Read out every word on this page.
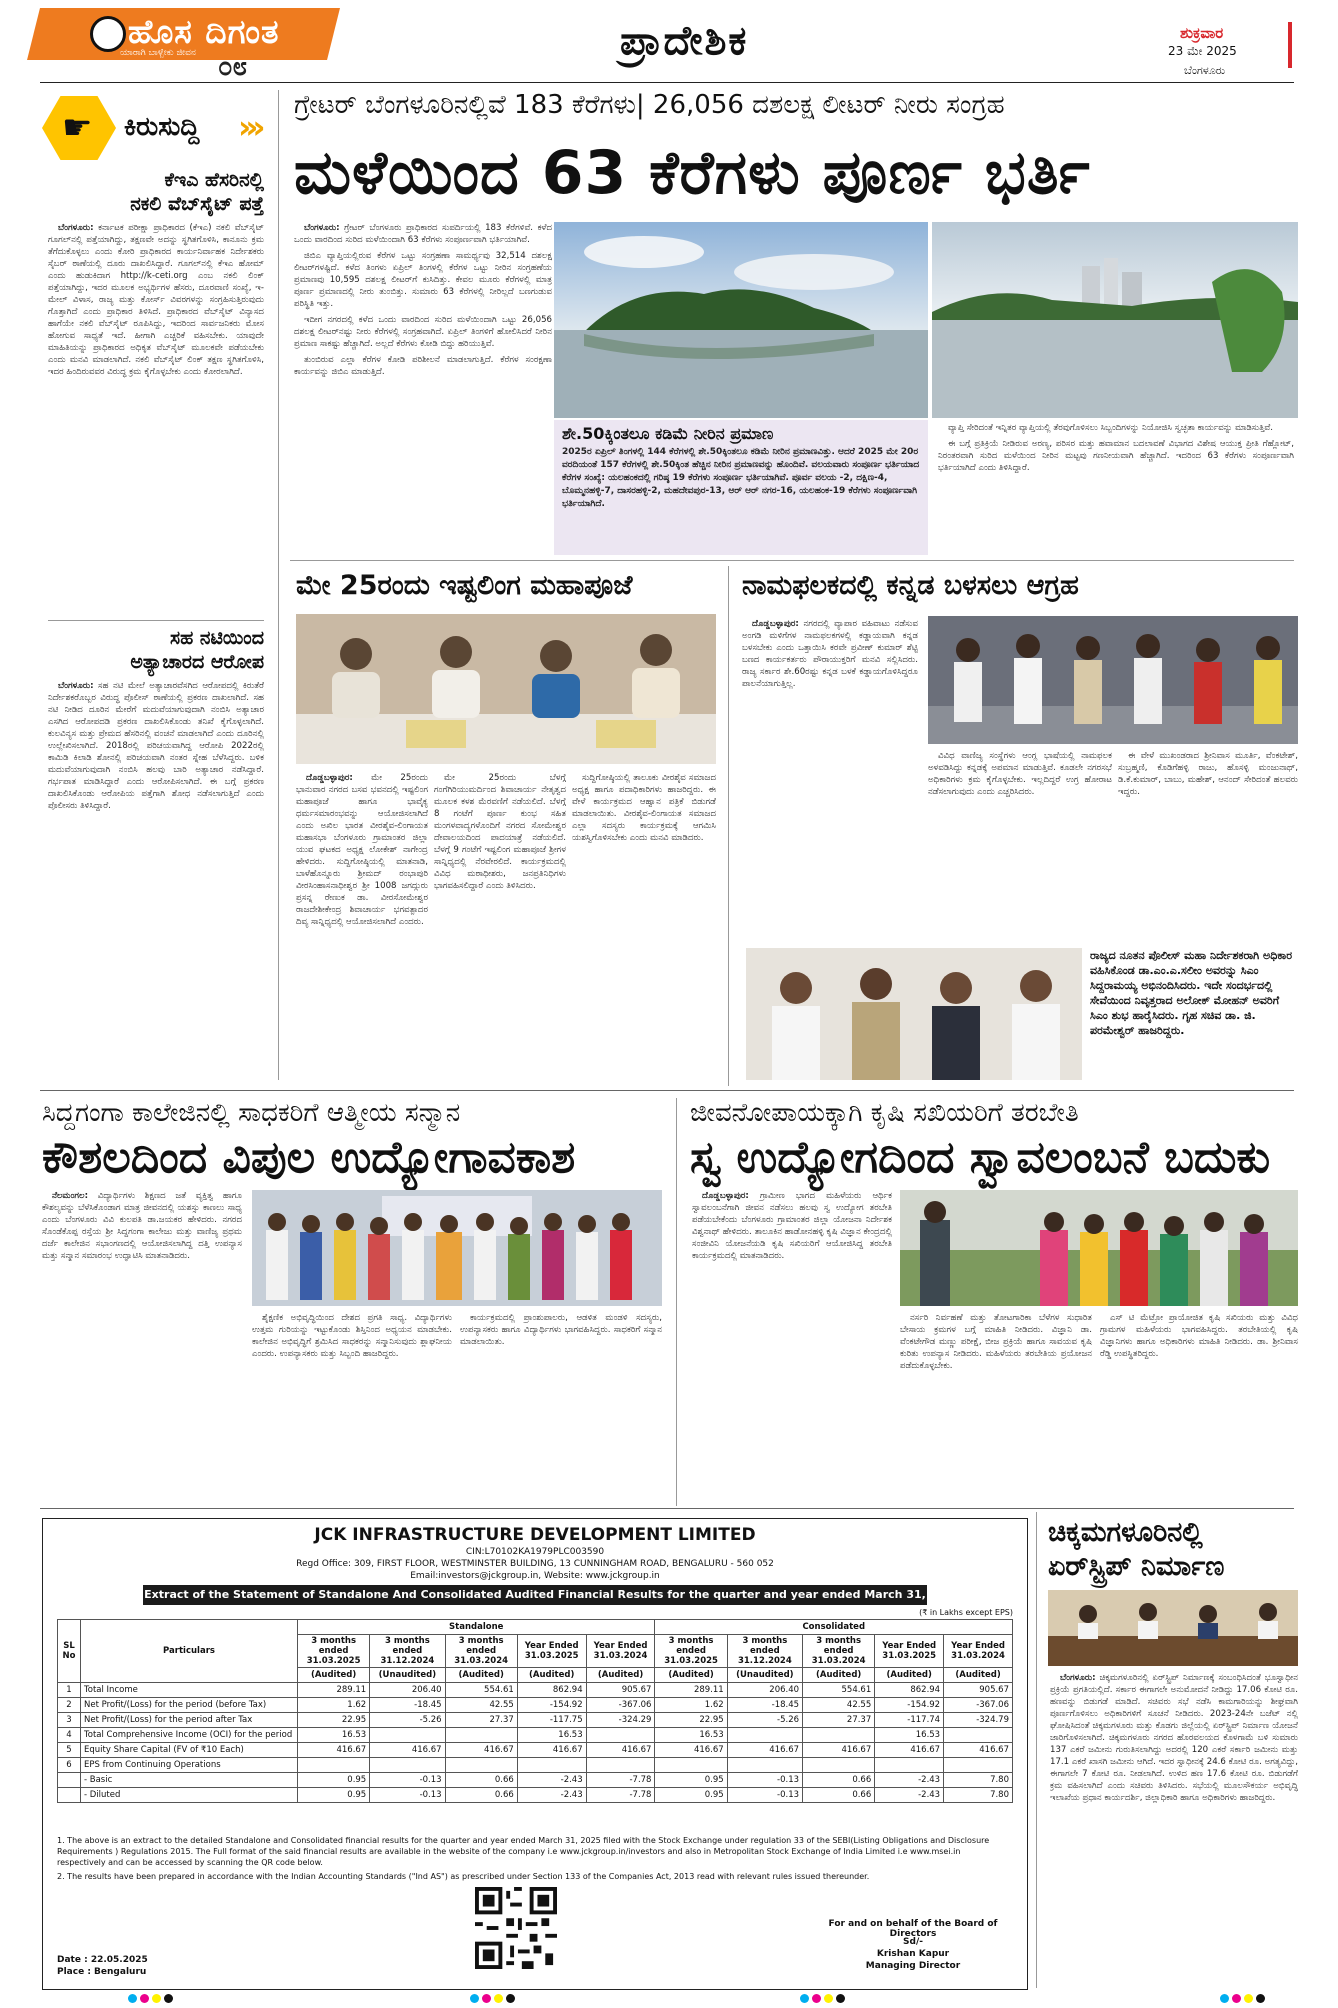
ಹೊಸ ದಿಗಂತ
ಯಾರಾಗಿ ಬಾಳ್ಬೇಕು ಜೀವನ ೦೮
ಪ್ರಾದೇಶಿಕ	ಶುಕ್ರವಾರ
23 ಮೇ 2025
ಬೆಂಗಳೂರು
☛ ಕಿರುಸುದ್ದಿ ›››
ಕೆಇಎ ಹೆಸರಿನಲ್ಲಿ
ನಕಲಿ ವೆಬ್‌ಸೈಟ್ ಪತ್ತೆ

ಬೆಂಗಳೂರು: ಕರ್ನಾಟಕ ಪರೀಕ್ಷಾ ಪ್ರಾಧಿಕಾರದ (ಕೆಇಎ) ನಕಲಿ ವೆಬ್‌ಸೈಟ್ ಗೂಗಲ್‌ನಲ್ಲಿ ಪತ್ತೆಯಾಗಿದ್ದು, ತಕ್ಷಣವೇ ಅದನ್ನು ಸ್ಥಗಿತಗೊಳಿಸಿ, ಕಾನೂನು ಕ್ರಮ ತೆಗೆದುಕೊಳ್ಳಲು ಎಂದು ಕೋರಿ ಪ್ರಾಧಿಕಾರದ ಕಾರ್ಯನಿರ್ವಾಹಕ ನಿರ್ದೇಶಕರು ಸೈಬರ್ ಠಾಣೆಯಲ್ಲಿ ದೂರು ದಾಖಲಿಸಿದ್ದಾರೆ. ಗೂಗಲ್‌ನಲ್ಲಿ ಕೆಇಎ ಹೋಮ್ ಎಂದು ಹುಡುಕಿದಾಗ http://k-ceti.org ಎಂಬ ನಕಲಿ ಲಿಂಕ್ ಪತ್ತೆಯಾಗಿದ್ದು, ಇದರ ಮೂಲಕ ಅಭ್ಯರ್ಥಿಗಳ ಹೆಸರು, ದೂರವಾಣಿ ಸಂಖ್ಯೆ, ಇ-ಮೇಲ್ ವಿಳಾಸ, ರಾಜ್ಯ ಮತ್ತು ಕೋರ್ಸ್ ವಿವರಗಳನ್ನು ಸಂಗ್ರಹಿಸುತ್ತಿರುವುದು ಗೊತ್ತಾಗಿದೆ ಎಂದು ಪ್ರಾಧಿಕಾರ ತಿಳಿಸಿದೆ. ಪ್ರಾಧಿಕಾರದ ವೆಬ್‌ಸೈಟ್ ವಿನ್ಯಾಸದ ಹಾಗೆಯೇ ನಕಲಿ ವೆಬ್‌ಸೈಟ್ ರೂಪಿಸಿದ್ದು, ಇದರಿಂದ ಸಾರ್ವಜನಿಕರು ಮೋಸ ಹೋಗುವ ಸಾಧ್ಯತೆ ಇದೆ. ಹೀಗಾಗಿ ಎಚ್ಚರಿಕೆ ವಹಿಸಬೇಕು. ಯಾವುದೇ ಮಾಹಿತಿಯನ್ನು ಪ್ರಾಧಿಕಾರದ ಅಧಿಕೃತ ವೆಬ್‌ಸೈಟ್ ಮೂಲಕವೇ ಪಡೆಯಬೇಕು ಎಂದು ಮನವಿ ಮಾಡಲಾಗಿದೆ. ನಕಲಿ ವೆಬ್‌ಸೈಟ್ ಲಿಂಕ್ ತಕ್ಷಣ ಸ್ಥಗಿತಗೊಳಿಸಿ, ಇದರ ಹಿಂದಿರುವವರ ವಿರುದ್ಧ ಕ್ರಮ ಕೈಗೊಳ್ಳಬೇಕು ಎಂದು ಕೋರಲಾಗಿದೆ.

ಸಹ ನಟಿಯಿಂದ
ಅತ್ಯಾಚಾರದ ಆರೋಪ

ಬೆಂಗಳೂರು: ಸಹ ನಟಿ ಮೇಲೆ ಅತ್ಯಾಚಾರವೆಸಗಿದ ಆರೋಪದಲ್ಲಿ ಕಿರುತೆರೆ ನಿರ್ದೇಶಕರೊಬ್ಬರ ವಿರುದ್ಧ ಪೊಲೀಸ್ ಠಾಣೆಯಲ್ಲಿ ಪ್ರಕರಣ ದಾಖಲಾಗಿದೆ. ಸಹ ನಟಿ ನೀಡಿದ ದೂರಿನ ಮೇರೆಗೆ ಮದುವೆಯಾಗುವುದಾಗಿ ನಂಬಿಸಿ ಅತ್ಯಾಚಾರ ಎಸಗಿದ ಆರೋಪದಡಿ ಪ್ರಕರಣ ದಾಖಲಿಸಿಕೊಂಡು ತನಿಖೆ ಕೈಗೊಳ್ಳಲಾಗಿದೆ. ಕುಲವಿನ್ಯಸ ಮತ್ತು ಪ್ರೇಮದ ಹೆಸರಿನಲ್ಲಿ ವಂಚನೆ ಮಾಡಲಾಗಿದೆ ಎಂದು ದೂರಿನಲ್ಲಿ ಉಲ್ಲೇಖಿಸಲಾಗಿದೆ. 2018ರಲ್ಲಿ ಪರಿಚಯವಾಗಿದ್ದ ಆರೋಪಿ 2022ರಲ್ಲಿ ಕಾಮಿಡಿ ಕಿಲಾಡಿ ಶೋನಲ್ಲಿ ಪರಿಚಯವಾಗಿ ನಂತರ ಸ್ನೇಹ ಬೆಳೆಸಿದ್ದರು. ಬಳಿಕ ಮದುವೆಯಾಗುವುದಾಗಿ ನಂಬಿಸಿ ಹಲವು ಬಾರಿ ಅತ್ಯಾಚಾರ ನಡೆಸಿದ್ದಾರೆ. ಗರ್ಭಪಾತ ಮಾಡಿಸಿದ್ದಾರೆ ಎಂದು ಆರೋಪಿಸಲಾಗಿದೆ. ಈ ಬಗ್ಗೆ ಪ್ರಕರಣ ದಾಖಲಿಸಿಕೊಂಡು ಆರೋಪಿಯ ಪತ್ತೆಗಾಗಿ ಶೋಧ ನಡೆಸಲಾಗುತ್ತಿದೆ ಎಂದು ಪೊಲೀಸರು ತಿಳಿಸಿದ್ದಾರೆ.

ಗ್ರೇಟರ್ ಬೆಂಗಳೂರಿನಲ್ಲಿವೆ 183 ಕೆರೆಗಳು| 26,056 ದಶಲಕ್ಷ ಲೀಟರ್ ನೀರು ಸಂಗ್ರಹ
ಮಳೆಯಿಂದ 63 ಕೆರೆಗಳು ಪೂರ್ಣ ಭರ್ತಿ

ಬೆಂಗಳೂರು: ಗ್ರೇಟರ್ ಬೆಂಗಳೂರು ಪ್ರಾಧಿಕಾರದ ಸುಪರ್ದಿಯಲ್ಲಿ 183 ಕೆರೆಗಳಿವೆ. ಕಳೆದ ಒಂದು ವಾರದಿಂದ ಸುರಿದ ಮಳೆಯಿಂದಾಗಿ 63 ಕೆರೆಗಳು ಸಂಪೂರ್ಣವಾಗಿ ಭರ್ತಿಯಾಗಿವೆ.

ಜಿಬಿಎ ವ್ಯಾಪ್ತಿಯಲ್ಲಿರುವ ಕೆರೆಗಳ ಒಟ್ಟು ಸಂಗ್ರಹಣಾ ಸಾಮರ್ಥ್ಯವು 32,514 ದಶಲಕ್ಷ ಲೀಟರ್‌ಗಳಷ್ಟಿದೆ. ಕಳೆದ ತಿಂಗಳು ಏಪ್ರಿಲ್ ತಿಂಗಳಲ್ಲಿ ಕೆರೆಗಳ ಒಟ್ಟು ನೀರಿನ ಸಂಗ್ರಹಣೆಯ ಪ್ರಮಾಣವು 10,595 ದಶಲಕ್ಷ ಲೀಟರ್‌ಗೆ ಕುಸಿದಿತ್ತು. ಕೇವಲ ಮೂರು ಕೆರೆಗಳಲ್ಲಿ ಮಾತ್ರ ಪೂರ್ಣ ಪ್ರಮಾಣದಲ್ಲಿ ನೀರು ತುಂಬಿತ್ತು. ಸುಮಾರು 63 ಕೆರೆಗಳಲ್ಲಿ ನೀರಿಲ್ಲದೆ ಬಣಗುಡುವ ಪರಿಸ್ಥಿತಿ ಇತ್ತು.

ಇದೀಗ ನಗರದಲ್ಲಿ ಕಳೆದ ಒಂದು ವಾರದಿಂದ ಸುರಿದ ಮಳೆಯಿಂದಾಗಿ ಒಟ್ಟು 26,056 ದಶಲಕ್ಷ ಲೀಟರ್‌ನಷ್ಟು ನೀರು ಕೆರೆಗಳಲ್ಲಿ ಸಂಗ್ರಹವಾಗಿದೆ. ಏಪ್ರಿಲ್ ತಿಂಗಳಿಗೆ ಹೋಲಿಸಿದರೆ ನೀರಿನ ಪ್ರಮಾಣ ಸಾಕಷ್ಟು ಹೆಚ್ಚಾಗಿದೆ. ಅಲ್ಲದೆ ಕೆರೆಗಳು ಕೋಡಿ ಬಿದ್ದು ಹರಿಯುತ್ತಿವೆ.

ತುಂಬಿರುವ ಎಲ್ಲಾ ಕೆರೆಗಳ ಕೋಡಿ ಪರಿಶೀಲನೆ ಮಾಡಲಾಗುತ್ತಿದೆ. ಕೆರೆಗಳ ಸಂರಕ್ಷಣಾ ಕಾರ್ಯವನ್ನು ಜಿಬಿಎ ಮಾಡುತ್ತಿದೆ.

ಶೇ.50ಕ್ಕಿಂತಲೂ ಕಡಿಮೆ ನೀರಿನ ಪ್ರಮಾಣ
2025ರ ಏಪ್ರಿಲ್ ತಿಂಗಳಲ್ಲಿ 144 ಕೆರೆಗಳಲ್ಲಿ ಶೇ.50ಕ್ಕಿಂತಲೂ ಕಡಿಮೆ ನೀರಿನ ಪ್ರಮಾಣವಿತ್ತು. ಆದರೆ 2025 ಮೇ 20ರ ವರದಿಯಂತೆ 157 ಕೆರೆಗಳಲ್ಲಿ ಶೇ.50ಕ್ಕಿಂತ ಹೆಚ್ಚಿನ ನೀರಿನ ಪ್ರಮಾಣವನ್ನು ಹೊಂದಿವೆ. ವಲಯವಾರು ಸಂಪೂರ್ಣ ಭರ್ತಿಯಾದ ಕೆರೆಗಳ ಸಂಖ್ಯೆ: ಯಲಹಂಕದಲ್ಲಿ ಗರಿಷ್ಠ 19 ಕೆರೆಗಳು ಸಂಪೂರ್ಣ ಭರ್ತಿಯಾಗಿವೆ. ಪೂರ್ವ ವಲಯ -2, ದಕ್ಷಿಣ-4, ಬೊಮ್ಮನಹಳ್ಳಿ-7, ದಾಸರಹಳ್ಳಿ-2, ಮಹದೇವಪುರ-13, ಆರ್ ಆರ್ ನಗರ-16, ಯಲಹಂಕ-19 ಕೆರೆಗಳು ಸಂಪೂರ್ಣವಾಗಿ ಭರ್ತಿಯಾಗಿದೆ.

ವ್ಯಾಪ್ತಿ ಸೇರಿದಂತೆ ಇನ್ನಿತರ ವ್ಯಾಪ್ತಿಯಲ್ಲಿ ತೆರವುಗೊಳಿಸಲು ಸಿಬ್ಬಂದಿಗಳನ್ನು ನಿಯೋಜಿಸಿ ಸ್ವಚ್ಛತಾ ಕಾರ್ಯವನ್ನು ಮಾಡಿಸುತ್ತಿವೆ.

ಈ ಬಗ್ಗೆ ಪ್ರತಿಕ್ರಿಯೆ ನೀಡಿರುವ ಅರಣ್ಯ, ಪರಿಸರ ಮತ್ತು ಹವಾಮಾನ ಬದಲಾವಣೆ ವಿಭಾಗದ ವಿಶೇಷ ಆಯುಕ್ತ ಪ್ರೀತಿ ಗೆಹ್ಲೋಟ್, ನಿರಂತರವಾಗಿ ಸುರಿದ ಮಳೆಯಿಂದ ನೀರಿನ ಮಟ್ಟವು ಗಣನೀಯವಾಗಿ ಹೆಚ್ಚಾಗಿದೆ. ಇದರಿಂದ 63 ಕೆರೆಗಳು ಸಂಪೂರ್ಣವಾಗಿ ಭರ್ತಿಯಾಗಿದೆ ಎಂದು ತಿಳಿಸಿದ್ದಾರೆ.

ಮೇ 25ರಂದು ಇಷ್ಟಲಿಂಗ ಮಹಾಪೂಜೆ

ದೊಡ್ಡಬಳ್ಳಾಪುರ: ಮೇ 25ರಂದು ಭಾನುವಾರ ನಗರದ ಬಸವ ಭವನದಲ್ಲಿ ಇಷ್ಟಲಿಂಗ ಮಹಾಪೂಜೆ ಹಾಗೂ ಭಾವೈಕ್ಯ ಧರ್ಮಸಮಾರಂಭವನ್ನು ಆಯೋಜಿಸಲಾಗಿದೆ ಎಂದು ಅಖಿಲ ಭಾರತ ವೀರಶೈವ-ಲಿಂಗಾಯತ ಮಹಾಸಭಾ ಬೆಂಗಳೂರು ಗ್ರಾಮಾಂತರ ಜಿಲ್ಲಾ ಯುವ ಘಟಕದ ಅಧ್ಯಕ್ಷ ಲೋಕೇಶ್ ನಾಗೇಂದ್ರ ಹೇಳಿದರು. ಸುದ್ದಿಗೋಷ್ಠಿಯಲ್ಲಿ ಮಾತನಾಡಿ, ಬಾಳೆಹೊನ್ನೂರು ಶ್ರೀಮದ್ ರಂಭಾಪುರಿ ವೀರಸಿಂಹಾಸನಾಧೀಶ್ವರ ಶ್ರೀ 1008 ಜಗದ್ಗುರು ಪ್ರಸನ್ನ ರೇಣುಕ ಡಾ. ವೀರಸೋಮೇಶ್ವರ ರಾಜದೇಶೀಕೇಂದ್ರ ಶಿವಾಚಾರ್ಯ ಭಗವತ್ಪಾದರ ದಿವ್ಯ ಸಾನ್ನಿಧ್ಯದಲ್ಲಿ ಆಯೋಜಿಸಲಾಗಿದೆ ಎಂದರು.

ಮೇ 25ರಂದು ಬೆಳಗ್ಗೆ ಗಂಗೆಗಿರಿಯುಮರ್ದಿಂದ ಶಿವಾಚಾರ್ಯ ನೇತೃತ್ವದ ಮೂಲಕ ಕಳಶ ಮೆರವಣಿಗೆ ನಡೆಯಲಿದೆ. ಬೆಳಗ್ಗೆ 8 ಗಂಟೆಗೆ ಪೂರ್ಣ ಕುಂಭ ಸಹಿತ ಮಂಗಳವಾದ್ಯಗಳೊಂದಿಗೆ ನಗರದ ಸೋಮೇಶ್ವರ ದೇವಾಲಯದಿಂದ ಪಾದಯಾತ್ರೆ ನಡೆಯಲಿದೆ. ಬೆಳಗ್ಗೆ 9 ಗಂಟೆಗೆ ಇಷ್ಟಲಿಂಗ ಮಹಾಪೂಜೆ ಶ್ರೀಗಳ ಸಾನ್ನಿಧ್ಯದಲ್ಲಿ ನೆರವೇರಲಿದೆ. ಕಾರ್ಯಕ್ರಮದಲ್ಲಿ ವಿವಿಧ ಮಠಾಧೀಶರು, ಜನಪ್ರತಿನಿಧಿಗಳು ಭಾಗವಹಿಸಲಿದ್ದಾರೆ ಎಂದು ತಿಳಿಸಿದರು.

ಸುದ್ದಿಗೋಷ್ಠಿಯಲ್ಲಿ ತಾಲೂಕು ವೀರಶೈವ ಸಮಾಜದ ಅಧ್ಯಕ್ಷ ಹಾಗೂ ಪದಾಧಿಕಾರಿಗಳು ಹಾಜರಿದ್ದರು. ಈ ವೇಳೆ ಕಾರ್ಯಕ್ರಮದ ಆಹ್ವಾನ ಪತ್ರಿಕೆ ಬಿಡುಗಡೆ ಮಾಡಲಾಯಿತು. ವೀರಶೈವ-ಲಿಂಗಾಯತ ಸಮಾಜದ ಎಲ್ಲಾ ಸದಸ್ಯರು ಕಾರ್ಯಕ್ರಮಕ್ಕೆ ಆಗಮಿಸಿ ಯಶಸ್ವಿಗೊಳಿಸಬೇಕು ಎಂದು ಮನವಿ ಮಾಡಿದರು.

ನಾಮಫಲಕದಲ್ಲಿ ಕನ್ನಡ ಬಳಸಲು ಆಗ್ರಹ

ದೊಡ್ಡಬಳ್ಳಾಪುರ: ನಗರದಲ್ಲಿ ವ್ಯಾಪಾರ ವಹಿವಾಟು ನಡೆಸುವ ಅಂಗಡಿ ಮಳಿಗೆಗಳ ನಾಮಫಲಕಗಳಲ್ಲಿ ಕಡ್ಡಾಯವಾಗಿ ಕನ್ನಡ ಬಳಸಬೇಕು ಎಂದು ಒತ್ತಾಯಿಸಿ ಕರವೇ ಪ್ರವೀಣ್ ಕುಮಾರ್ ಶೆಟ್ಟಿ ಬಣದ ಕಾರ್ಯಕರ್ತರು ಪೌರಾಯುಕ್ತರಿಗೆ ಮನವಿ ಸಲ್ಲಿಸಿದರು. ರಾಜ್ಯ ಸರ್ಕಾರ ಶೇ.60ರಷ್ಟು ಕನ್ನಡ ಬಳಕೆ ಕಡ್ಡಾಯಗೊಳಿಸಿದ್ದರೂ ಪಾಲನೆಯಾಗುತ್ತಿಲ್ಲ.

ವಿವಿಧ ವಾಣಿಜ್ಯ ಸಂಸ್ಥೆಗಳು ಆಂಗ್ಲ ಭಾಷೆಯಲ್ಲಿ ನಾಮಫಲಕ ಅಳವಡಿಸಿದ್ದು ಕನ್ನಡಕ್ಕೆ ಅಪಮಾನ ಮಾಡುತ್ತಿವೆ. ಕೂಡಲೇ ನಗರಸಭೆ ಅಧಿಕಾರಿಗಳು ಕ್ರಮ ಕೈಗೊಳ್ಳಬೇಕು. ಇಲ್ಲದಿದ್ದರೆ ಉಗ್ರ ಹೋರಾಟ ನಡೆಸಲಾಗುವುದು ಎಂದು ಎಚ್ಚರಿಸಿದರು.

ಈ ವೇಳೆ ಮುಖಂಡರಾದ ಶ್ರೀನಿವಾಸ ಮೂರ್ತಿ, ವೆಂಕಟೇಶ್, ಸುಬ್ರಹ್ಮಣಿ, ಕೊಡಿಗೆಹಳ್ಳಿ ರಾಜು, ಹೊಸಳ್ಳಿ ಮಂಜುನಾಥ್, ಡಿ.ಕೆ.ಕುಮಾರ್, ಬಾಬು, ಮಹೇಶ್, ಆನಂದ್ ಸೇರಿದಂತೆ ಹಲವರು ಇದ್ದರು.

ರಾಜ್ಯದ ನೂತನ ಪೊಲೀಸ್ ಮಹಾ ನಿರ್ದೇಶಕರಾಗಿ ಅಧಿಕಾರ ವಹಿಸಿಕೊಂಡ ಡಾ.ಎಂ.ಎ.ಸಲೀಂ ಅವರನ್ನು ಸಿಎಂ ಸಿದ್ದರಾಮಯ್ಯ ಅಭಿನಂದಿಸಿದರು. ಇದೇ ಸಂದರ್ಭದಲ್ಲಿ ಸೇವೆಯಿಂದ ನಿವೃತ್ತರಾದ ಅಲೋಕ್ ಮೋಹನ್ ಅವರಿಗೆ ಸಿಎಂ ಶುಭ ಹಾರೈಸಿದರು. ಗೃಹ ಸಚಿವ ಡಾ. ಜಿ. ಪರಮೇಶ್ವರ್ ಹಾಜರಿದ್ದರು.
ಸಿದ್ದಗಂಗಾ ಕಾಲೇಜಿನಲ್ಲಿ ಸಾಧಕರಿಗೆ ಆತ್ಮೀಯ ಸನ್ಮಾನ
ಕೌಶಲದಿಂದ ವಿಪುಲ ಉದ್ಯೋಗಾವಕಾಶ

ನೆಲಮಂಗಲ: ವಿದ್ಯಾರ್ಥಿಗಳು ಶಿಕ್ಷಣದ ಜತೆ ವ್ಯಕ್ತಿತ್ವ ಹಾಗೂ ಕೌಶಲ್ಯವನ್ನು ಬೆಳೆಸಿಕೊಂಡಾಗ ಮಾತ್ರ ಜೀವನದಲ್ಲಿ ಯಶಸ್ಸು ಕಾಣಲು ಸಾಧ್ಯ ಎಂದು ಬೆಂಗಳೂರು ವಿವಿ ಕುಲಪತಿ ಡಾ.ಜಯಕರ ಹೇಳಿದರು. ನಗರದ ಸೊಂಡೆಕೊಪ್ಪ ರಸ್ತೆಯ ಶ್ರೀ ಸಿದ್ದಗಂಗಾ ಕಾಲೇಜು ಮತ್ತು ವಾಣಿಜ್ಯ ಪ್ರಥಮ ದರ್ಜೆ ಕಾಲೇಜಿನ ಸಭಾಂಗಣದಲ್ಲಿ ಆಯೋಜಿಸಲಾಗಿದ್ದ ದತ್ತಿ ಉಪನ್ಯಾಸ ಮತ್ತು ಸನ್ಮಾನ ಸಮಾರಂಭ ಉದ್ಘಾಟಿಸಿ ಮಾತನಾಡಿದರು.

ಶೈಕ್ಷಣಿಕ ಅಭಿವೃದ್ಧಿಯಿಂದ ದೇಶದ ಪ್ರಗತಿ ಸಾಧ್ಯ. ವಿದ್ಯಾರ್ಥಿಗಳು ಉತ್ತಮ ಗುರಿಯನ್ನು ಇಟ್ಟುಕೊಂಡು ಶಿಸ್ತಿನಿಂದ ಅಧ್ಯಯನ ಮಾಡಬೇಕು. ಕಾಲೇಜಿನ ಅಭಿವೃದ್ಧಿಗೆ ಶ್ರಮಿಸಿದ ಸಾಧಕರನ್ನು ಸನ್ಮಾನಿಸುವುದು ಶ್ಲಾಘನೀಯ ಎಂದರು. ಉಪನ್ಯಾಸಕರು ಮತ್ತು ಸಿಬ್ಬಂದಿ ಹಾಜರಿದ್ದರು.

ಕಾರ್ಯಕ್ರಮದಲ್ಲಿ ಪ್ರಾಂಶುಪಾಲರು, ಆಡಳಿತ ಮಂಡಳಿ ಸದಸ್ಯರು, ಉಪನ್ಯಾಸಕರು ಹಾಗೂ ವಿದ್ಯಾರ್ಥಿಗಳು ಭಾಗವಹಿಸಿದ್ದರು. ಸಾಧಕರಿಗೆ ಸನ್ಮಾನ ಮಾಡಲಾಯಿತು.

ಜೀವನೋಪಾಯಕ್ಕಾಗಿ ಕೃಷಿ ಸಖಿಯರಿಗೆ ತರಬೇತಿ
ಸ್ವ ಉದ್ಯೋಗದಿಂದ ಸ್ವಾವಲಂಬನೆ ಬದುಕು

ದೊಡ್ಡಬಳ್ಳಾಪುರ: ಗ್ರಾಮೀಣ ಭಾಗದ ಮಹಿಳೆಯರು ಆರ್ಥಿಕ ಸ್ವಾವಲಂಬನೆಗಾಗಿ ಜೀವನ ನಡೆಸಲು ಹಲವು ಸ್ವ ಉದ್ಯೋಗ ತರಬೇತಿ ಪಡೆಯಬೇಕೆಂದು ಬೆಂಗಳೂರು ಗ್ರಾಮಾಂತರ ಜಿಲ್ಲಾ ಯೋಜನಾ ನಿರ್ದೇಶಕ ವಿಶ್ವನಾಥ್ ಹೇಳಿದರು. ತಾಲೂಕಿನ ಹಾಡೋನಹಳ್ಳಿ ಕೃಷಿ ವಿಜ್ಞಾನ ಕೇಂದ್ರದಲ್ಲಿ ಸಂಜೀವಿನಿ ಯೋಜನೆಯಡಿ ಕೃಷಿ ಸಖಿಯರಿಗೆ ಆಯೋಜಿಸಿದ್ದ ತರಬೇತಿ ಕಾರ್ಯಕ್ರಮದಲ್ಲಿ ಮಾತನಾಡಿದರು.

ನರ್ಸರಿ ನಿರ್ವಹಣೆ ಮತ್ತು ತೋಟಗಾರಿಕಾ ಬೆಳೆಗಳ ಸುಧಾರಿತ ಬೇಸಾಯ ಕ್ರಮಗಳ ಬಗ್ಗೆ ಮಾಹಿತಿ ನೀಡಿದರು. ವಿಜ್ಞಾನಿ ಡಾ. ವೆಂಕಟೇಗೌಡ ಮಣ್ಣು ಪರೀಕ್ಷೆ, ಬೀಜ ಪ್ರಕ್ರಿಯೆ ಹಾಗೂ ಸಾವಯವ ಕೃಷಿ ಕುರಿತು ಉಪನ್ಯಾಸ ನೀಡಿದರು. ಮಹಿಳೆಯರು ತರಬೇತಿಯ ಪ್ರಯೋಜನ ಪಡೆದುಕೊಳ್ಳಬೇಕು.

ಎಸ್ ಟಿ ಮೆಟ್ರೋ ಪ್ರಾಯೋಜಿತ ಕೃಷಿ ಸಖಿಯರು ಮತ್ತು ವಿವಿಧ ಗ್ರಾಮಗಳ ಮಹಿಳೆಯರು ಭಾಗವಹಿಸಿದ್ದರು. ತರಬೇತಿಯಲ್ಲಿ ಕೃಷಿ ವಿಜ್ಞಾನಿಗಳು ಹಾಗೂ ಅಧಿಕಾರಿಗಳು ಮಾಹಿತಿ ನೀಡಿದರು. ಡಾ. ಶ್ರೀನಿವಾಸ ರೆಡ್ಡಿ ಉಪಸ್ಥಿತರಿದ್ದರು.

JCK INFRASTRUCTURE DEVELOPMENT LIMITED
CIN:L70102KA1979PLC003590
Regd Office: 309, FIRST FLOOR, WESTMINSTER BUILDING, 13 CUNNINGHAM ROAD, BENGALURU - 560 052
Email:investors@jckgroup.in, Website: www.jckgroup.in
Extract of the Statement of Standalone And Consolidated Audited Financial Results for the quarter and year ended March 31, 2025	(₹ in Lakhs except EPS)
SL No	Particulars	Standalone					Consolidated				
		3 months ended 31.03.2025	3 months ended 31.12.2024	3 months ended 31.03.2024	Year Ended 31.03.2025	Year Ended 31.03.2024	3 months ended 31.03.2025	3 months ended 31.12.2024	3 months ended 31.03.2024	Year Ended 31.03.2025	Year Ended 31.03.2024
		(Audited)	(Unaudited)	(Audited)	(Audited)	(Audited)	(Audited)	(Unaudited)	(Audited)	(Audited)	(Audited)
1	Total Income	289.11	206.40	554.61	862.94	905.67	289.11	206.40	554.61	862.94	905.67
2	Net Profit/(Loss) for the period (before Tax)	1.62	-18.45	42.55	-154.92	-367.06	1.62	-18.45	42.55	-154.92	-367.06
3	Net Profit/(Loss) for the period after Tax	22.95	-5.26	27.37	-117.75	-324.29	22.95	-5.26	27.37	-117.74	-324.79
4	Total Comprehensive Income (OCI) for the period	16.53			16.53		16.53			16.53	
5	Equity Share Capital (FV of ₹10 Each)	416.67	416.67	416.67	416.67	416.67	416.67	416.67	416.67	416.67	416.67
6	EPS from Continuing Operations										
	- Basic	0.95	-0.13	0.66	-2.43	-7.78	0.95	-0.13	0.66	-2.43	7.80
	- Diluted	0.95	-0.13	0.66	-2.43	-7.78	0.95	-0.13	0.66	-2.43	7.80
1. The above is an extract to the detailed Standalone and Consolidated financial results for the quarter and year ended March 31, 2025 filed with the Stock Exchange under regulation 33 of the SEBI(Listing Obligations and Disclosure Requirements ) Regulations 2015. The Full format of the said financial results are available in the website of the company i.e www.jckgroup.in/investors and also in Metropolitan Stock Exchange of India Limited i.e www.msei.in respectively and can be accessed by scanning the QR code below.
2. The results have been prepared in accordance with the Indian Accounting Standards ("Ind AS") as prescribed under Section 133 of the Companies Act, 2013 read with relevant rules issued thereunder.
Date : 22.05.2025
Place : Bengaluru
For and on behalf of the Board of Directors
Sd/-
Krishan Kapur
Managing Director
ಚಿಕ್ಕಮಗಳೂರಿನಲ್ಲಿ
ಏರ್‌ಸ್ಟ್ರಿಪ್ ನಿರ್ಮಾಣ

ಬೆಂಗಳೂರು: ಚಿಕ್ಕಮಗಳೂರಿನಲ್ಲಿ ಏರ್‌ಸ್ಟ್ರಿಪ್ ನಿರ್ಮಾಣಕ್ಕೆ ಸಂಬಂಧಿಸಿದಂತೆ ಭೂಸ್ವಾಧೀನ ಪ್ರಕ್ರಿಯೆ ಪ್ರಗತಿಯಲ್ಲಿದೆ. ಸರ್ಕಾರ ಈಗಾಗಲೇ ಅನುಮೋದನೆ ನೀಡಿದ್ದು 17.06 ಕೋಟಿ ರೂ. ಹಣವನ್ನು ಬಿಡುಗಡೆ ಮಾಡಿದೆ. ಸಚಿವರು ಸಭೆ ನಡೆಸಿ ಕಾಮಗಾರಿಯನ್ನು ಶೀಘ್ರವಾಗಿ ಪೂರ್ಣಗೊಳಿಸಲು ಅಧಿಕಾರಿಗಳಿಗೆ ಸೂಚನೆ ನೀಡಿದರು. 2023-24ನೇ ಬಜೆಟ್ ನಲ್ಲಿ ಘೋಷಿಸಿದಂತೆ ಚಿಕ್ಕಮಗಳೂರು ಮತ್ತು ಕೊಡಗು ಜಿಲ್ಲೆಯಲ್ಲಿ ಏರ್‌ಸ್ಟ್ರಿಪ್ ನಿರ್ಮಾಣ ಯೋಜನೆ ಜಾರಿಗೊಳಿಸಲಾಗಿದೆ. ಚಿಕ್ಕಮಗಳೂರು ನಗರದ ಹೊರವಲಯದ ಕೊಳಗಾಮೆ ಬಳಿ ಸುಮಾರು 137 ಎಕರೆ ಜಮೀನು ಗುರುತಿಸಲಾಗಿದ್ದು ಅದರಲ್ಲಿ 120 ಎಕರೆ ಸರ್ಕಾರಿ ಜಮೀನು ಮತ್ತು 17.1 ಎಕರೆ ಖಾಸಗಿ ಜಮೀನು ಆಗಿದೆ. ಇದರ ಸ್ವಾಧೀನಕ್ಕೆ 24.6 ಕೋಟಿ ರೂ. ಅಗತ್ಯವಿದ್ದು, ಈಗಾಗಲೇ 7 ಕೋಟಿ ರೂ. ನೀಡಲಾಗಿದೆ. ಉಳಿದ ಹಣ 17.6 ಕೋಟಿ ರೂ. ಬಿಡುಗಡೆಗೆ ಕ್ರಮ ವಹಿಸಲಾಗಿದೆ ಎಂದು ಸಚಿವರು ತಿಳಿಸಿದರು. ಸಭೆಯಲ್ಲಿ ಮೂಲಸೌಕರ್ಯ ಅಭಿವೃದ್ಧಿ ಇಲಾಖೆಯ ಪ್ರಧಾನ ಕಾರ್ಯದರ್ಶಿ, ಜಿಲ್ಲಾಧಿಕಾರಿ ಹಾಗೂ ಅಧಿಕಾರಿಗಳು ಹಾಜರಿದ್ದರು.
